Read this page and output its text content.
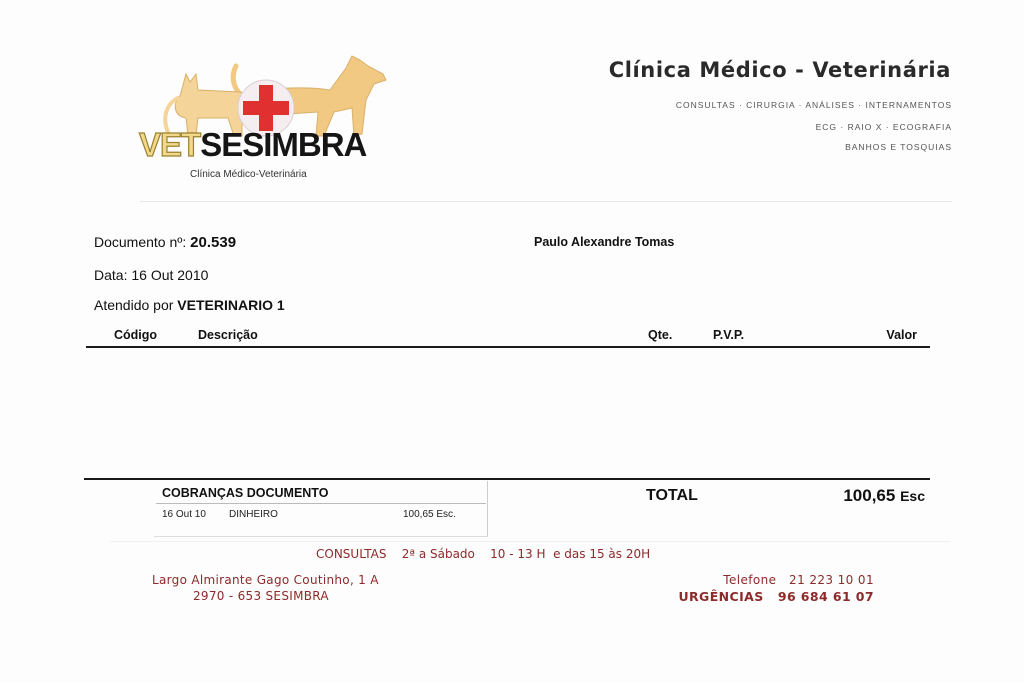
VETSESIMBRA
Clínica Médico-Veterinária
Clínica Médico - Veterinária
CONSULTAS · CIRURGIA · ANÁLISES · INTERNAMENTOS
ECG · RAIO X · ECOGRAFIA
BANHOS E TOSQUIAS
Documento nº: 20.539
Data: 16 Out 2010
Atendido por VETERINARIO 1
Paulo Alexandre Tomas
Código	Descrição	Qte.	P.V.P.	Valor
COBRANÇAS DOCUMENTO
16 Out 10 DINHEIRO	100,65 Esc.
TOTAL	100,65 Esc
CONSULTAS    2ª a Sábado    10 - 13 H  e das 15 às 20H
Largo Almirante Gago Coutinho, 1 A
2970 - 653 SESIMBRA
Telefone   21 223 10 01
URGÊNCIAS   96 684 61 07
